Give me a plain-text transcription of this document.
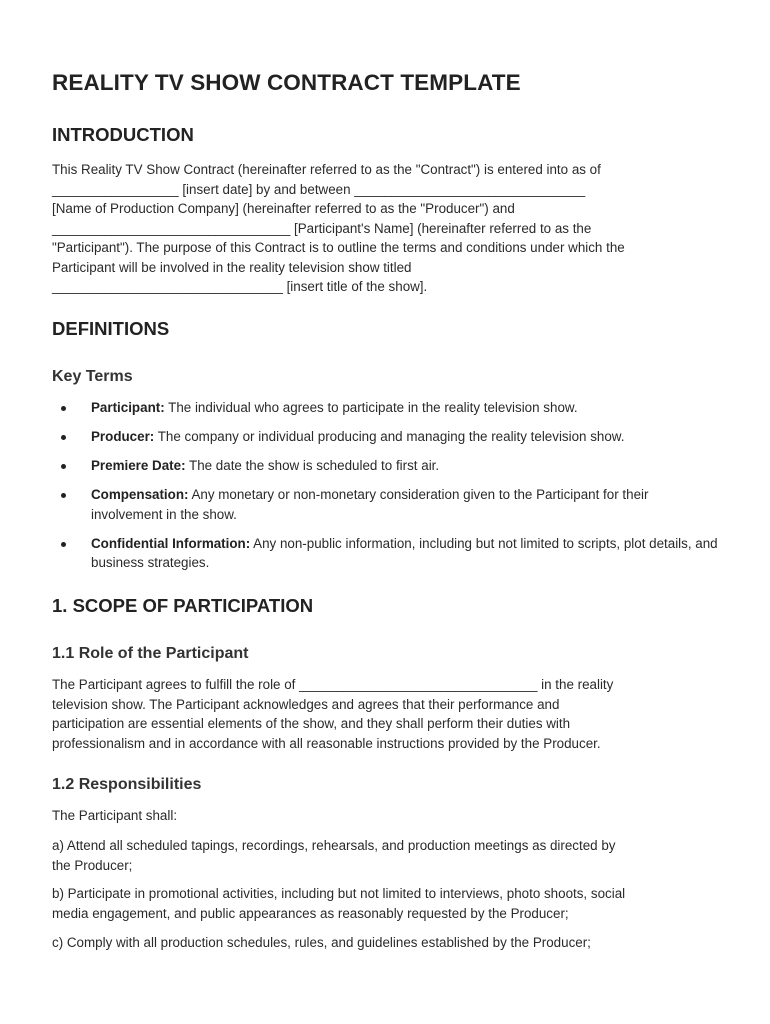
REALITY TV SHOW CONTRACT TEMPLATE
INTRODUCTION

This Reality TV Show Contract (hereinafter referred to as the "Contract") is entered into as of
_________________ [insert date] by and between _______________________________
[Name of Production Company] (hereinafter referred to as the "Producer") and
________________________________ [Participant's Name] (hereinafter referred to as the
"Participant"). The purpose of this Contract is to outline the terms and conditions under which the
Participant will be involved in the reality television show titled
_______________________________ [insert title of the show].

DEFINITIONS
Key Terms
Participant: The individual who agrees to participate in the reality television show.
Producer: The company or individual producing and managing the reality television show.
Premiere Date: The date the show is scheduled to first air.
Compensation: Any monetary or non-monetary consideration given to the Participant for their involvement in the show.
Confidential Information: Any non-public information, including but not limited to scripts, plot details, and business strategies.
1. SCOPE OF PARTICIPATION
1.1 Role of the Participant

The Participant agrees to fulfill the role of ________________________________ in the reality
television show. The Participant acknowledges and agrees that their performance and
participation are essential elements of the show, and they shall perform their duties with
professionalism and in accordance with all reasonable instructions provided by the Producer.

1.2 Responsibilities

The Participant shall:

a) Attend all scheduled tapings, recordings, rehearsals, and production meetings as directed by
the Producer;

b) Participate in promotional activities, including but not limited to interviews, photo shoots, social
media engagement, and public appearances as reasonably requested by the Producer;

c) Comply with all production schedules, rules, and guidelines established by the Producer;
